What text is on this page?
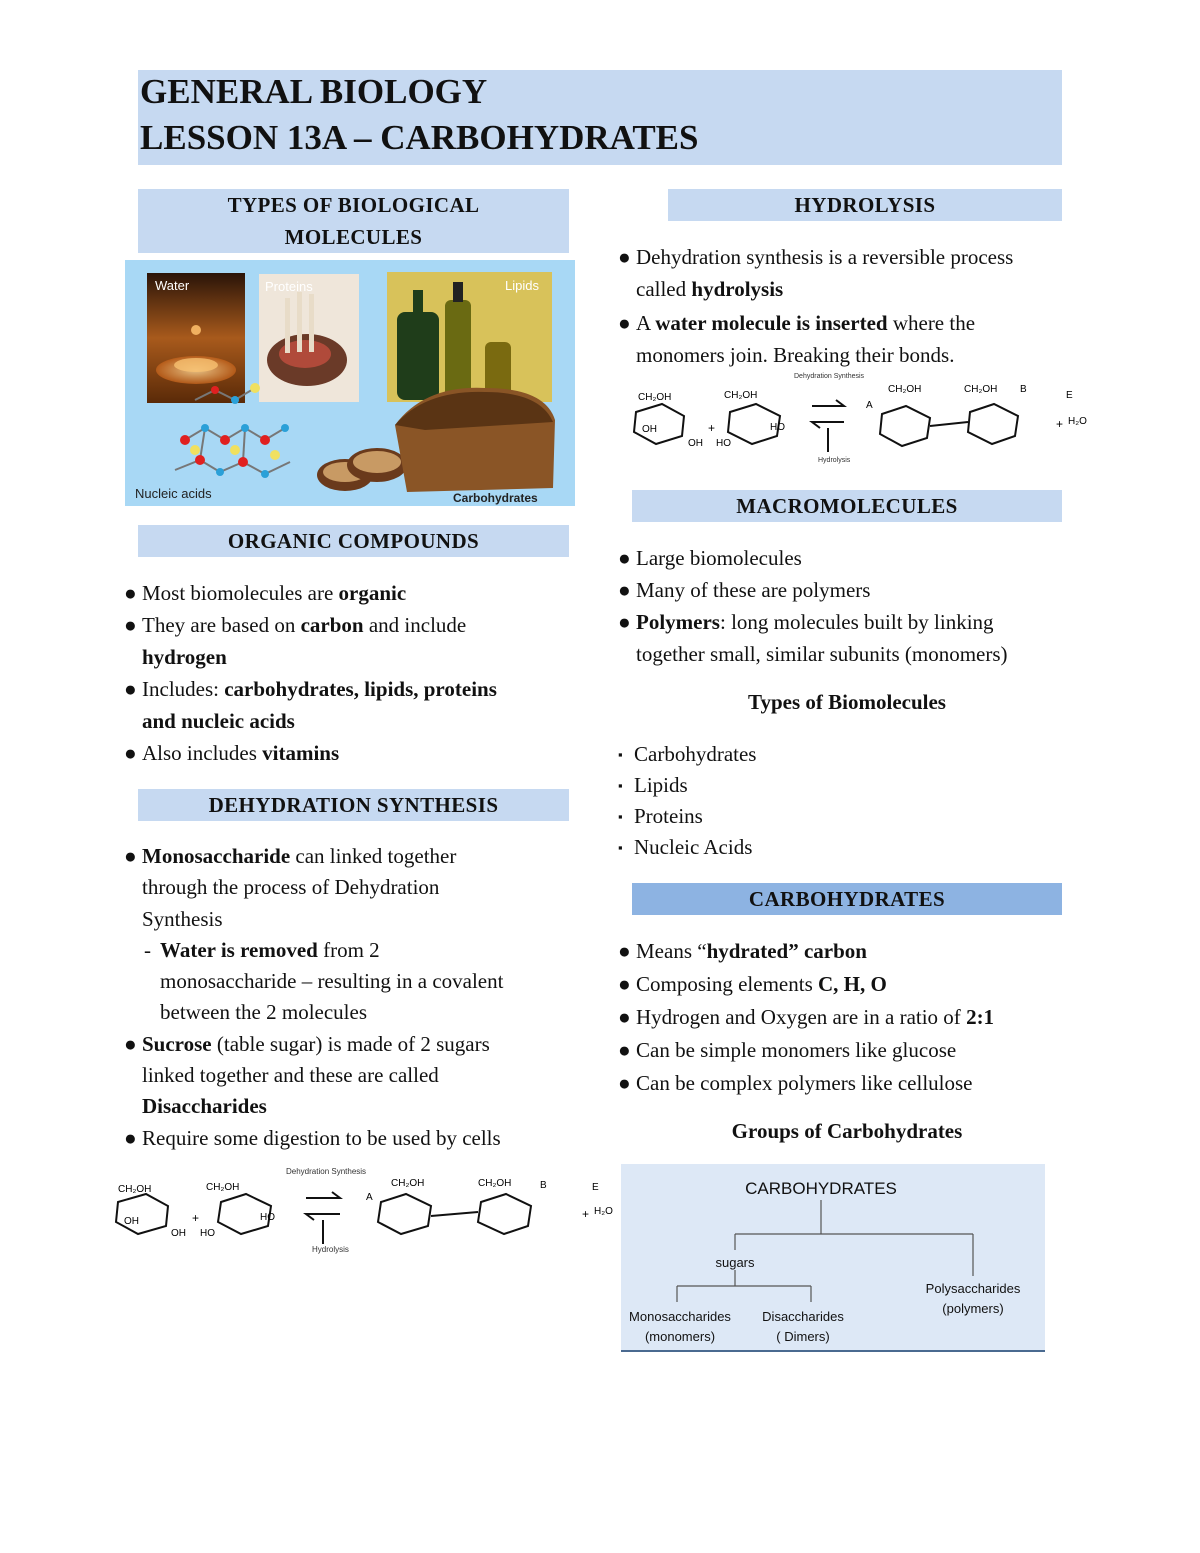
GENERAL BIOLOGY
LESSON 13A – CARBOHYDRATES
TYPES OF BIOLOGICAL
MOLECULES
Water	Proteins	Lipids
Nucleic acids	Carbohydrates
ORGANIC COMPOUNDS
● Most biomolecules are organic
● They are based on carbon and include
hydrogen
● Includes: carbohydrates, lipids, proteins
and nucleic acids
● Also includes vitamins
DEHYDRATION SYNTHESIS
● Monosaccharide can linked together
through the process of Dehydration
Synthesis
- Water is removed from 2
monosaccharide – resulting in a covalent
between the 2 molecules
● Sucrose (table sugar) is made of 2 sugars
linked together and these are called
Disaccharides
● Require some digestion to be used by cells
Dehydration Synthesis
Hydrolysis
CH₂OH	CH₂OH	CH₂OH	CH₂OH
OH	HO
OH HO
H₂O
A
B	E
+	+
HYDROLYSIS
● Dehydration synthesis is a reversible process
called hydrolysis
● A water molecule is inserted where the
monomers join. Breaking their bonds.
Dehydration Synthesis
Hydrolysis
CH₂OH	CH₂OH
CH₂OH	CH₂OH
OH	HO
OH HO
H₂O
A
B
E
+	+
MACROMOLECULES
● Large biomolecules
● Many of these are polymers
● Polymers: long molecules built by linking
together small, similar subunits (monomers)
Types of Biomolecules
▪ Carbohydrates
▪ Lipids
▪ Proteins
▪ Nucleic Acids
CARBOHYDRATES
● Means “hydrated” carbon
● Composing elements C, H, O
● Hydrogen and Oxygen are in a ratio of 2:1
● Can be simple monomers like glucose
● Can be complex polymers like cellulose
Groups of Carbohydrates
CARBOHYDRATES
sugars
Monosaccharides
(monomers)
Disaccharides
( Dimers)
Polysaccharides
(polymers)
